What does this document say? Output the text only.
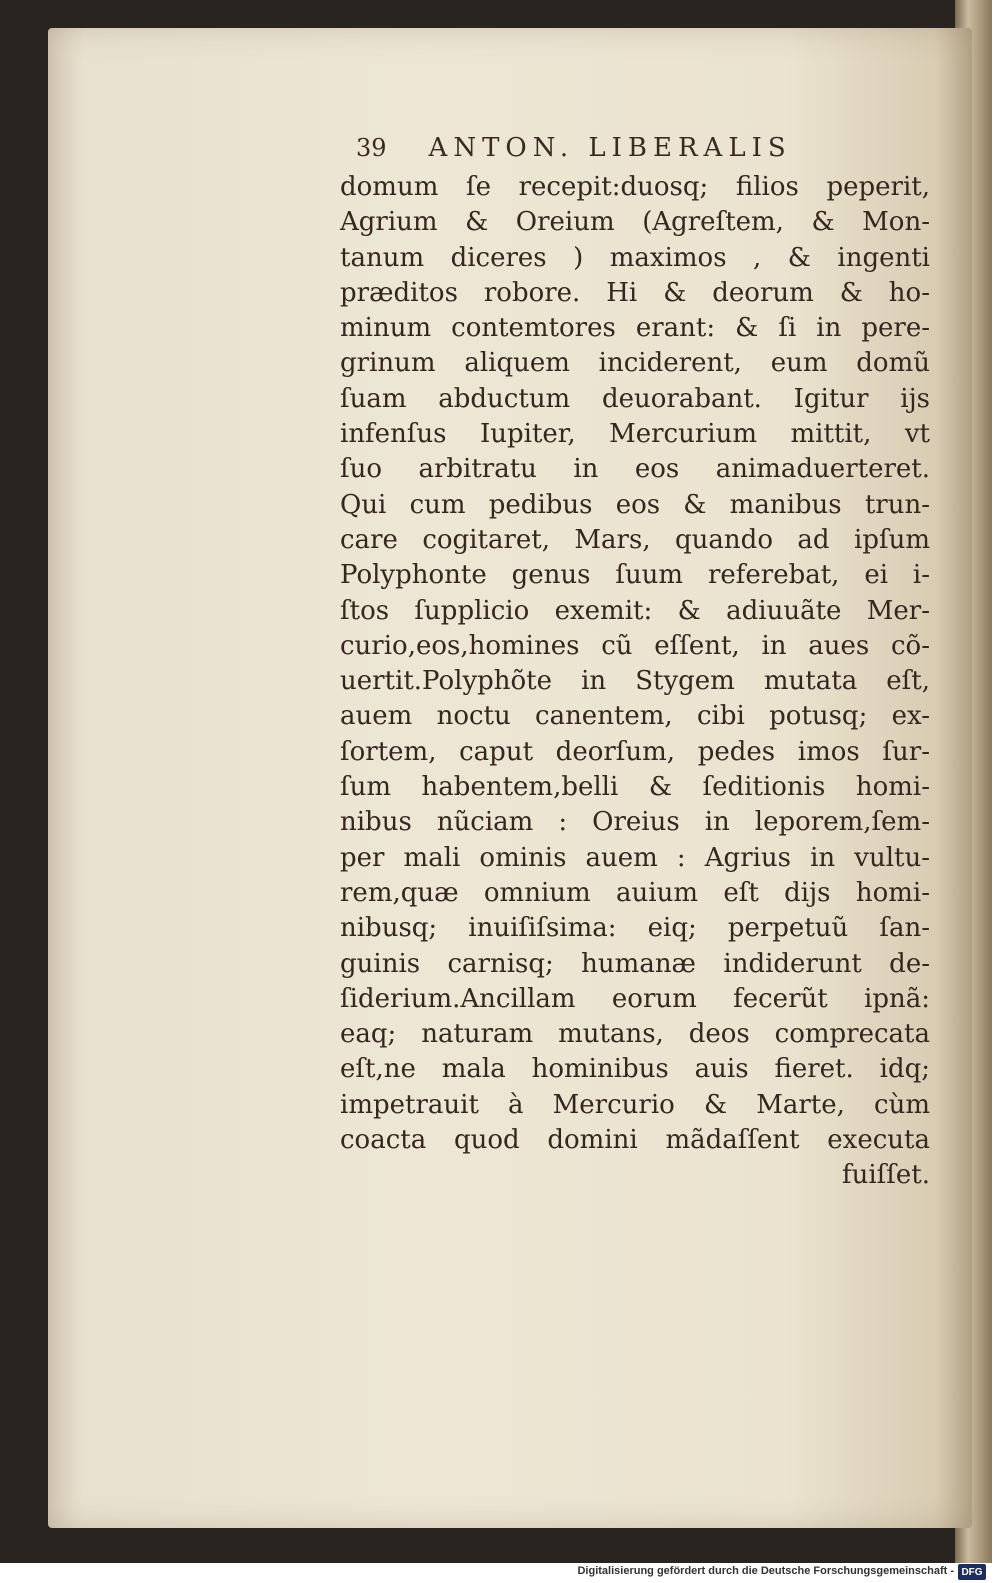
39 ANTON. LIBERALIS
domum ſe recepit:duosq; filios peperit,
Agrium & Oreium (Agreſtem, & Mon-
tanum diceres ) maximos , & ingenti
præditos robore. Hi & deorum & ho-
minum contemtores erant: & ſi in pere-
grinum aliquem inciderent, eum domũ
ſuam abductum deuorabant. Igitur ijs
infenſus Iupiter, Mercurium mittit, vt
ſuo arbitratu in eos animaduerteret.
Qui cum pedibus eos & manibus trun-
care cogitaret, Mars, quando ad ipſum
Polyphonte genus ſuum referebat, ei i-
ſtos ſupplicio exemit: & adiuuãte Mer-
curio,eos,homines cũ eſſent, in aues cõ-
uertit.Polyphõte in Stygem mutata eſt,
auem noctu canentem, cibi potusq; ex-
ſortem, caput deorſum, pedes imos ſur-
ſum habentem,belli & ſeditionis homi-
nibus nũciam : Oreius in leporem,ſem-
per mali ominis auem : Agrius in vultu-
rem,quæ omnium auium eſt dijs homi-
nibusq; inuiſiſsima: eiq; perpetuũ ſan-
guinis carnisq; humanæ indiderunt de-
ſiderium.Ancillam eorum fecerũt ipnã:
eaq; naturam mutans, deos comprecata
eſt,ne mala hominibus auis fieret. idq;
impetrauit à Mercurio & Marte, cùm
coacta quod domini mãdaſſent executa
fuiſſet.
Digitalisierung gefördert durch die Deutsche Forschungsgemeinschaft - DFG
